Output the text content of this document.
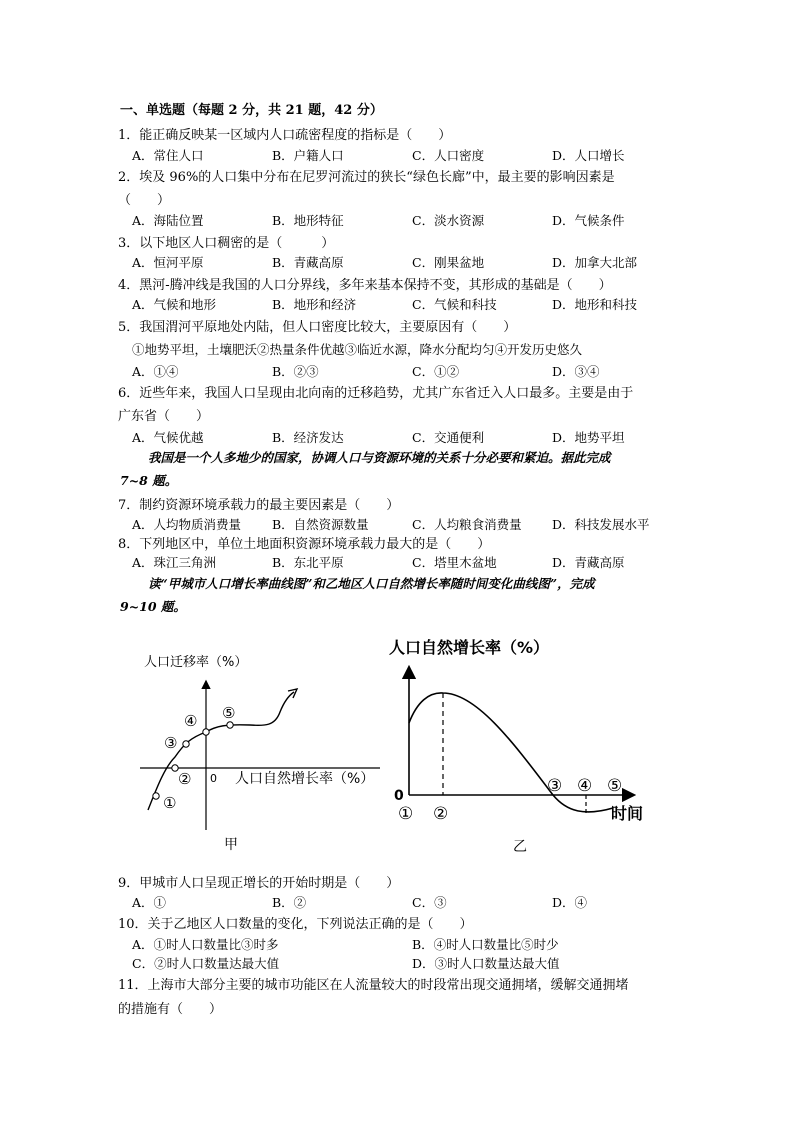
一、单选题（每题 2 分，共 21 题，42 分）
1．能正确反映某一区域内人口疏密程度的指标是（　　）
A．常住人口	B．户籍人口	C．人口密度	D．人口增长
2．埃及 96%的人口集中分布在尼罗河流过的狭长“绿色长廊”中，最主要的影响因素是
（　　）
A．海陆位置	B．地形特征	C．淡水资源	D．气候条件
3．以下地区人口稠密的是（　　　）
A．恒河平原	B．青藏高原	C．刚果盆地	D．加拿大北部
4．黑河-腾冲线是我国的人口分界线，多年来基本保持不变，其形成的基础是（　　）
A．气候和地形	B．地形和经济	C．气候和科技	D．地形和科技
5．我国渭河平原地处内陆，但人口密度比较大，主要原因有（　　）
①地势平坦，土壤肥沃②热量条件优越③临近水源，降水分配均匀④开发历史悠久
A．①④	B．②③	C．①②	D．③④
6．近些年来，我国人口呈现由北向南的迁移趋势，尤其广东省迁入人口最多。主要是由于
广东省（　　）
A．气候优越	B．经济发达	C．交通便利	D．地势平坦
我国是一个人多地少的国家，协调人口与资源环境的关系十分必要和紧迫。据此完成
7~8 题。
7．制约资源环境承载力的最主要因素是（　　）
A．人均物质消费量 B．自然资源数量	C．人均粮食消费量 D．科技发展水平
8．下列地区中，单位土地面积资源环境承载力最大的是（　　）
A．珠江三角洲	B．东北平原	C．塔里木盆地	D．青藏高原
读“甲城市人口增长率曲线图”和乙地区人口自然增长率随时间变化曲线图”，完成
9~10 题。
人口迁移率（%）
0 人口自然增长率（%）
①
②
③
④ ⑤
甲
人口自然增长率（%）
0
① ②
③ ④ ⑤
时间
乙
9．甲城市人口呈现正增长的开始时期是（　　）
A．①	B．②	C．③	D．④
10．关于乙地区人口数量的变化，下列说法正确的是（　　）
A．①时人口数量比③时多	B．④时人口数量比⑤时少
C．②时人口数量达最大值	D．③时人口数量达最大值
11．上海市大部分主要的城市功能区在人流量较大的时段常出现交通拥堵，缓解交通拥堵
的措施有（　　）
